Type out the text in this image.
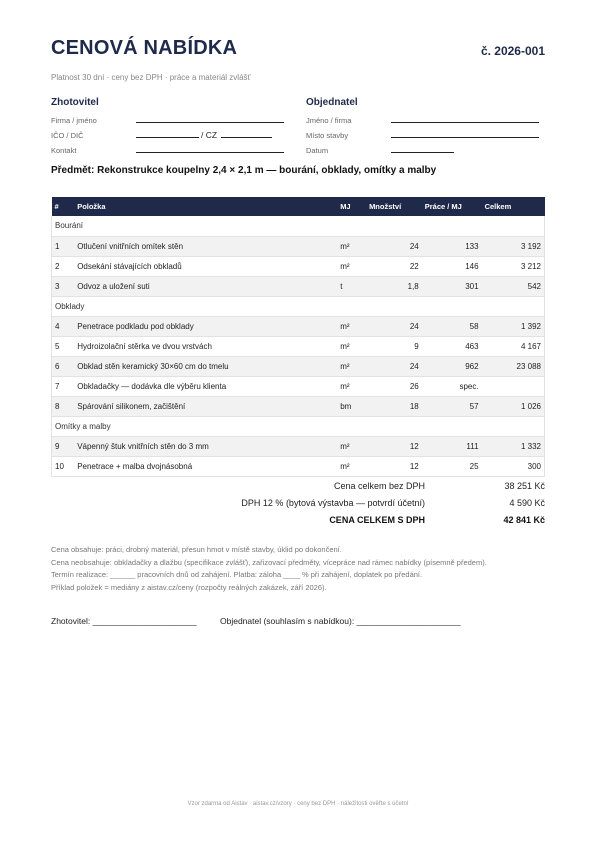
CENOVÁ NABÍDKA	č. 2026-001
Platnost 30 dní · ceny bez DPH · práce a materiál zvlášť
Zhotovitel
Firma / jméno
IČO / DIČ	/ CZ
Kontakt
Objednatel
Jméno / firma
Místo stavby
Datum
Předmět: Rekonstrukce koupelny 2,4 × 2,1 m — bourání, obklady, omítky a malby
#	Položka	MJ	Množství	Práce / MJ	Celkem
Bourání					
1	Otlučení vnitřních omítek stěn	m²	24	133	3 192
2	Odsekání stávajících obkladů	m²	22	146	3 212
3	Odvoz a uložení suti	t	1,8	301	542
Obklady					
4	Penetrace podkladu pod obklady	m²	24	58	1 392
5	Hydroizolační stěrka ve dvou vrstvách	m²	9	463	4 167
6	Obklad stěn keramický 30×60 cm do tmelu	m²	24	962	23 088
7	Obkladačky — dodávka dle výběru klienta	m²	26	spec.	
8	Spárování silikonem, začištění	bm	18	57	1 026
Omítky a malby					
9	Vápenný štuk vnitřních stěn do 3 mm	m²	12	111	1 332
10	Penetrace + malba dvojnásobná	m²	12	25	300
Cena celkem bez DPH	38 251 Kč
DPH 12 % (bytová výstavba — potvrdí účetní)	4 590 Kč
CENA CELKEM S DPH	42 841 Kč
Cena obsahuje: práci, drobný materiál, přesun hmot v místě stavby, úklid po dokončení.
Cena neobsahuje: obkladačky a dlažbu (specifikace zvlášť), zařizovací předměty, vícepráce nad rámec nabídky (písemně předem).
Termín realizace: ______ pracovních dnů od zahájení. Platba: záloha ____ % při zahájení, doplatek po předání.
Příklad položek = mediány z aistav.cz/ceny (rozpočty reálných zakázek, září 2026).
Zhotovitel: ______________________	Objednatel (souhlasím s nabídkou): ______________________
Vzor zdarma od Aistav · aistav.cz/vzory · ceny bez DPH · náležitosti ověřte s účetní
